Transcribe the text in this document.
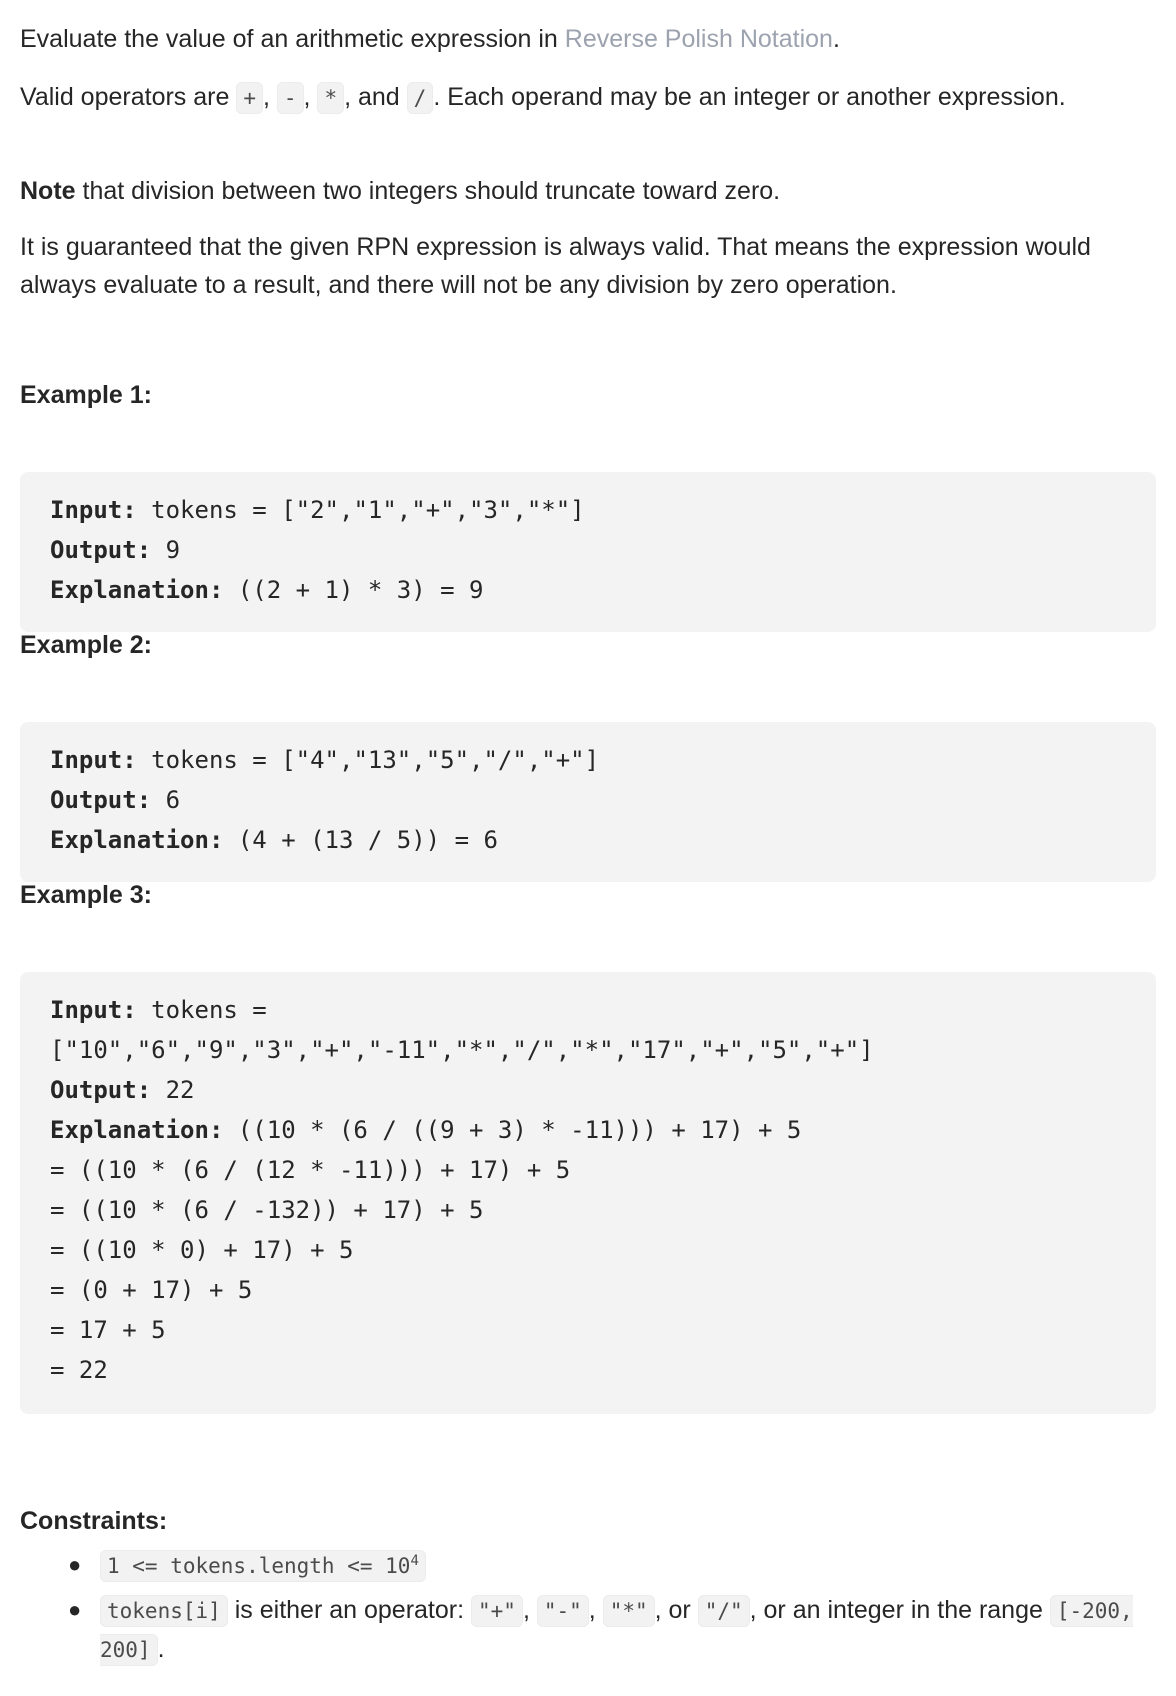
Evaluate the value of an arithmetic expression in Reverse Polish Notation.

Valid operators are + , - , * , and / . Each operand may be an integer or another expression.

Note that division between two integers should truncate toward zero.

It is guaranteed that the given RPN expression is always valid. That means the expression would always evaluate to a result, and there will not be any division by zero operation.

Example 1:
Input: tokens = ["2","1","+","3","*"]
Output: 9
Explanation: ((2 + 1) * 3) = 9
Example 2:
Input: tokens = ["4","13","5","/","+"]
Output: 6
Explanation: (4 + (13 / 5)) = 6
Example 3:
Input: tokens =
["10","6","9","3","+","-11","*","/","*","17","+","5","+"]
Output: 22
Explanation: ((10 * (6 / ((9 + 3) * -11))) + 17) + 5
= ((10 * (6 / (12 * -11))) + 17) + 5
= ((10 * (6 / -132)) + 17) + 5
= ((10 * 0) + 17) + 5
= (0 + 17) + 5
= 17 + 5
= 22
Constraints:
● 1 <= tokens.length <= $10^4$
● tokens[i] is either an operator: "+" , "-" , "*" , or "/" , or an integer in the range [-200, 200] .
